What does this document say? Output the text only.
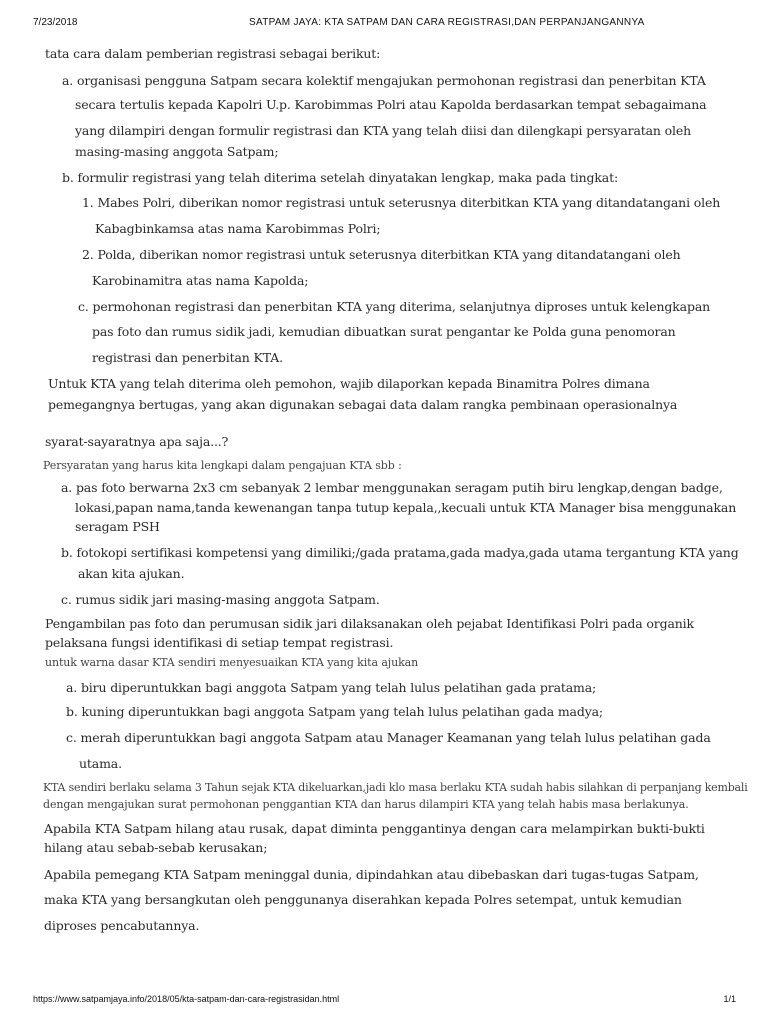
7/23/2018	SATPAM JAYA: KTA SATPAM DAN CARA REGISTRASI,DAN PERPANJANGANNYA
tata cara dalam pemberian registrasi sebagai berikut:
a. organisasi pengguna Satpam secara kolektif mengajukan permohonan registrasi dan penerbitan KTA
secara tertulis kepada Kapolri U.p. Karobimmas Polri atau Kapolda berdasarkan tempat sebagaimana
yang dilampiri dengan formulir registrasi dan KTA yang telah diisi dan dilengkapi persyaratan oleh
masing-masing anggota Satpam;
b. formulir registrasi yang telah diterima setelah dinyatakan lengkap, maka pada tingkat:
1. Mabes Polri, diberikan nomor registrasi untuk seterusnya diterbitkan KTA yang ditandatangani oleh
Kabagbinkamsa atas nama Karobimmas Polri;
2. Polda, diberikan nomor registrasi untuk seterusnya diterbitkan KTA yang ditandatangani oleh
Karobinamitra atas nama Kapolda;
c. permohonan registrasi dan penerbitan KTA yang diterima, selanjutnya diproses untuk kelengkapan
pas foto dan rumus sidik jadi, kemudian dibuatkan surat pengantar ke Polda guna penomoran
registrasi dan penerbitan KTA.
Untuk KTA yang telah diterima oleh pemohon, wajib dilaporkan kepada Binamitra Polres dimana
pemegangnya bertugas, yang akan digunakan sebagai data dalam rangka pembinaan operasionalnya
syarat-sayaratnya apa saja...?
Persyaratan yang harus kita lengkapi dalam pengajuan KTA sbb :
a. pas foto berwarna 2x3 cm sebanyak 2 lembar menggunakan seragam putih biru lengkap,dengan badge,
lokasi,papan nama,tanda kewenangan tanpa tutup kepala,,kecuali untuk KTA Manager bisa menggunakan
seragam PSH
b. fotokopi sertifikasi kompetensi yang dimiliki;/gada pratama,gada madya,gada utama tergantung KTA yang
akan kita ajukan.
c. rumus sidik jari masing-masing anggota Satpam.
Pengambilan pas foto dan perumusan sidik jari dilaksanakan oleh pejabat Identifikasi Polri pada organik
pelaksana fungsi identifikasi di setiap tempat registrasi.
untuk warna dasar KTA sendiri menyesuaikan KTA yang kita ajukan
a. biru diperuntukkan bagi anggota Satpam yang telah lulus pelatihan gada pratama;
b. kuning diperuntukkan bagi anggota Satpam yang telah lulus pelatihan gada madya;
c. merah diperuntukkan bagi anggota Satpam atau Manager Keamanan yang telah lulus pelatihan gada
utama.
KTA sendiri berlaku selama 3 Tahun sejak KTA dikeluarkan,jadi klo masa berlaku KTA sudah habis silahkan di perpanjang kembali
dengan mengajukan surat permohonan penggantian KTA dan harus dilampiri KTA yang telah habis masa berlakunya.
Apabila KTA Satpam hilang atau rusak, dapat diminta penggantinya dengan cara melampirkan bukti-bukti
hilang atau sebab-sebab kerusakan;
Apabila pemegang KTA Satpam meninggal dunia, dipindahkan atau dibebaskan dari tugas-tugas Satpam,
maka KTA yang bersangkutan oleh penggunanya diserahkan kepada Polres setempat, untuk kemudian
diproses pencabutannya.
https://www.satpamjaya.info/2018/05/kta-satpam-dan-cara-registrasidan.html	1/1
